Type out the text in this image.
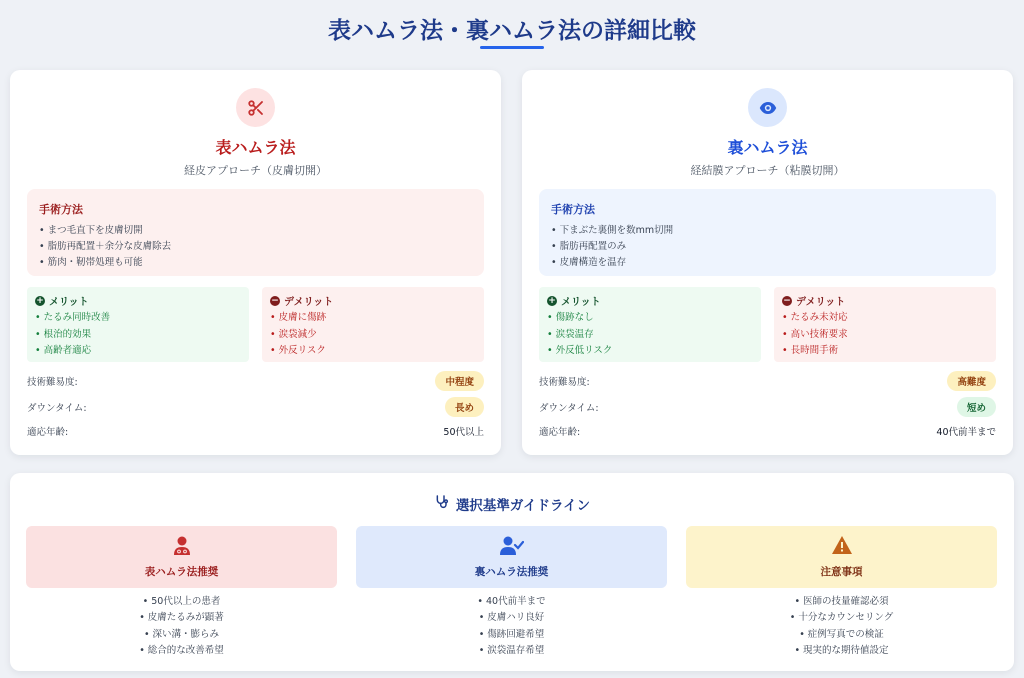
表ハムラ法・裏ハムラ法の詳細比較
表ハムラ法
経皮アプローチ（皮膚切開）
手術方法
• まつ毛直下を皮膚切開
• 脂肪再配置＋余分な皮膚除去
• 筋肉・靭帯処理も可能
+ メリット
• たるみ同時改善
• 根治的効果
• 高齢者適応
− デメリット
• 皮膚に傷跡
• 涙袋減少
• 外反リスク
技術難易度:	中程度
ダウンタイム:	長め
適応年齢:	50代以上
裏ハムラ法
経結膜アプローチ（粘膜切開）
手術方法
• 下まぶた裏側を数mm切開
• 脂肪再配置のみ
• 皮膚構造を温存
+ メリット
• 傷跡なし
• 涙袋温存
• 外反低リスク
− デメリット
• たるみ未対応
• 高い技術要求
• 長時間手術
技術難易度:	高難度
ダウンタイム:	短め
適応年齢:	40代前半まで
選択基準ガイドライン
表ハムラ法推奨	裏ハムラ法推奨	注意事項
• 50代以上の患者
• 皮膚たるみが顕著
• 深い溝・膨らみ
• 総合的な改善希望
• 40代前半まで
• 皮膚ハリ良好
• 傷跡回避希望
• 涙袋温存希望
• 医師の技量確認必須
• 十分なカウンセリング
• 症例写真での検証
• 現実的な期待値設定
